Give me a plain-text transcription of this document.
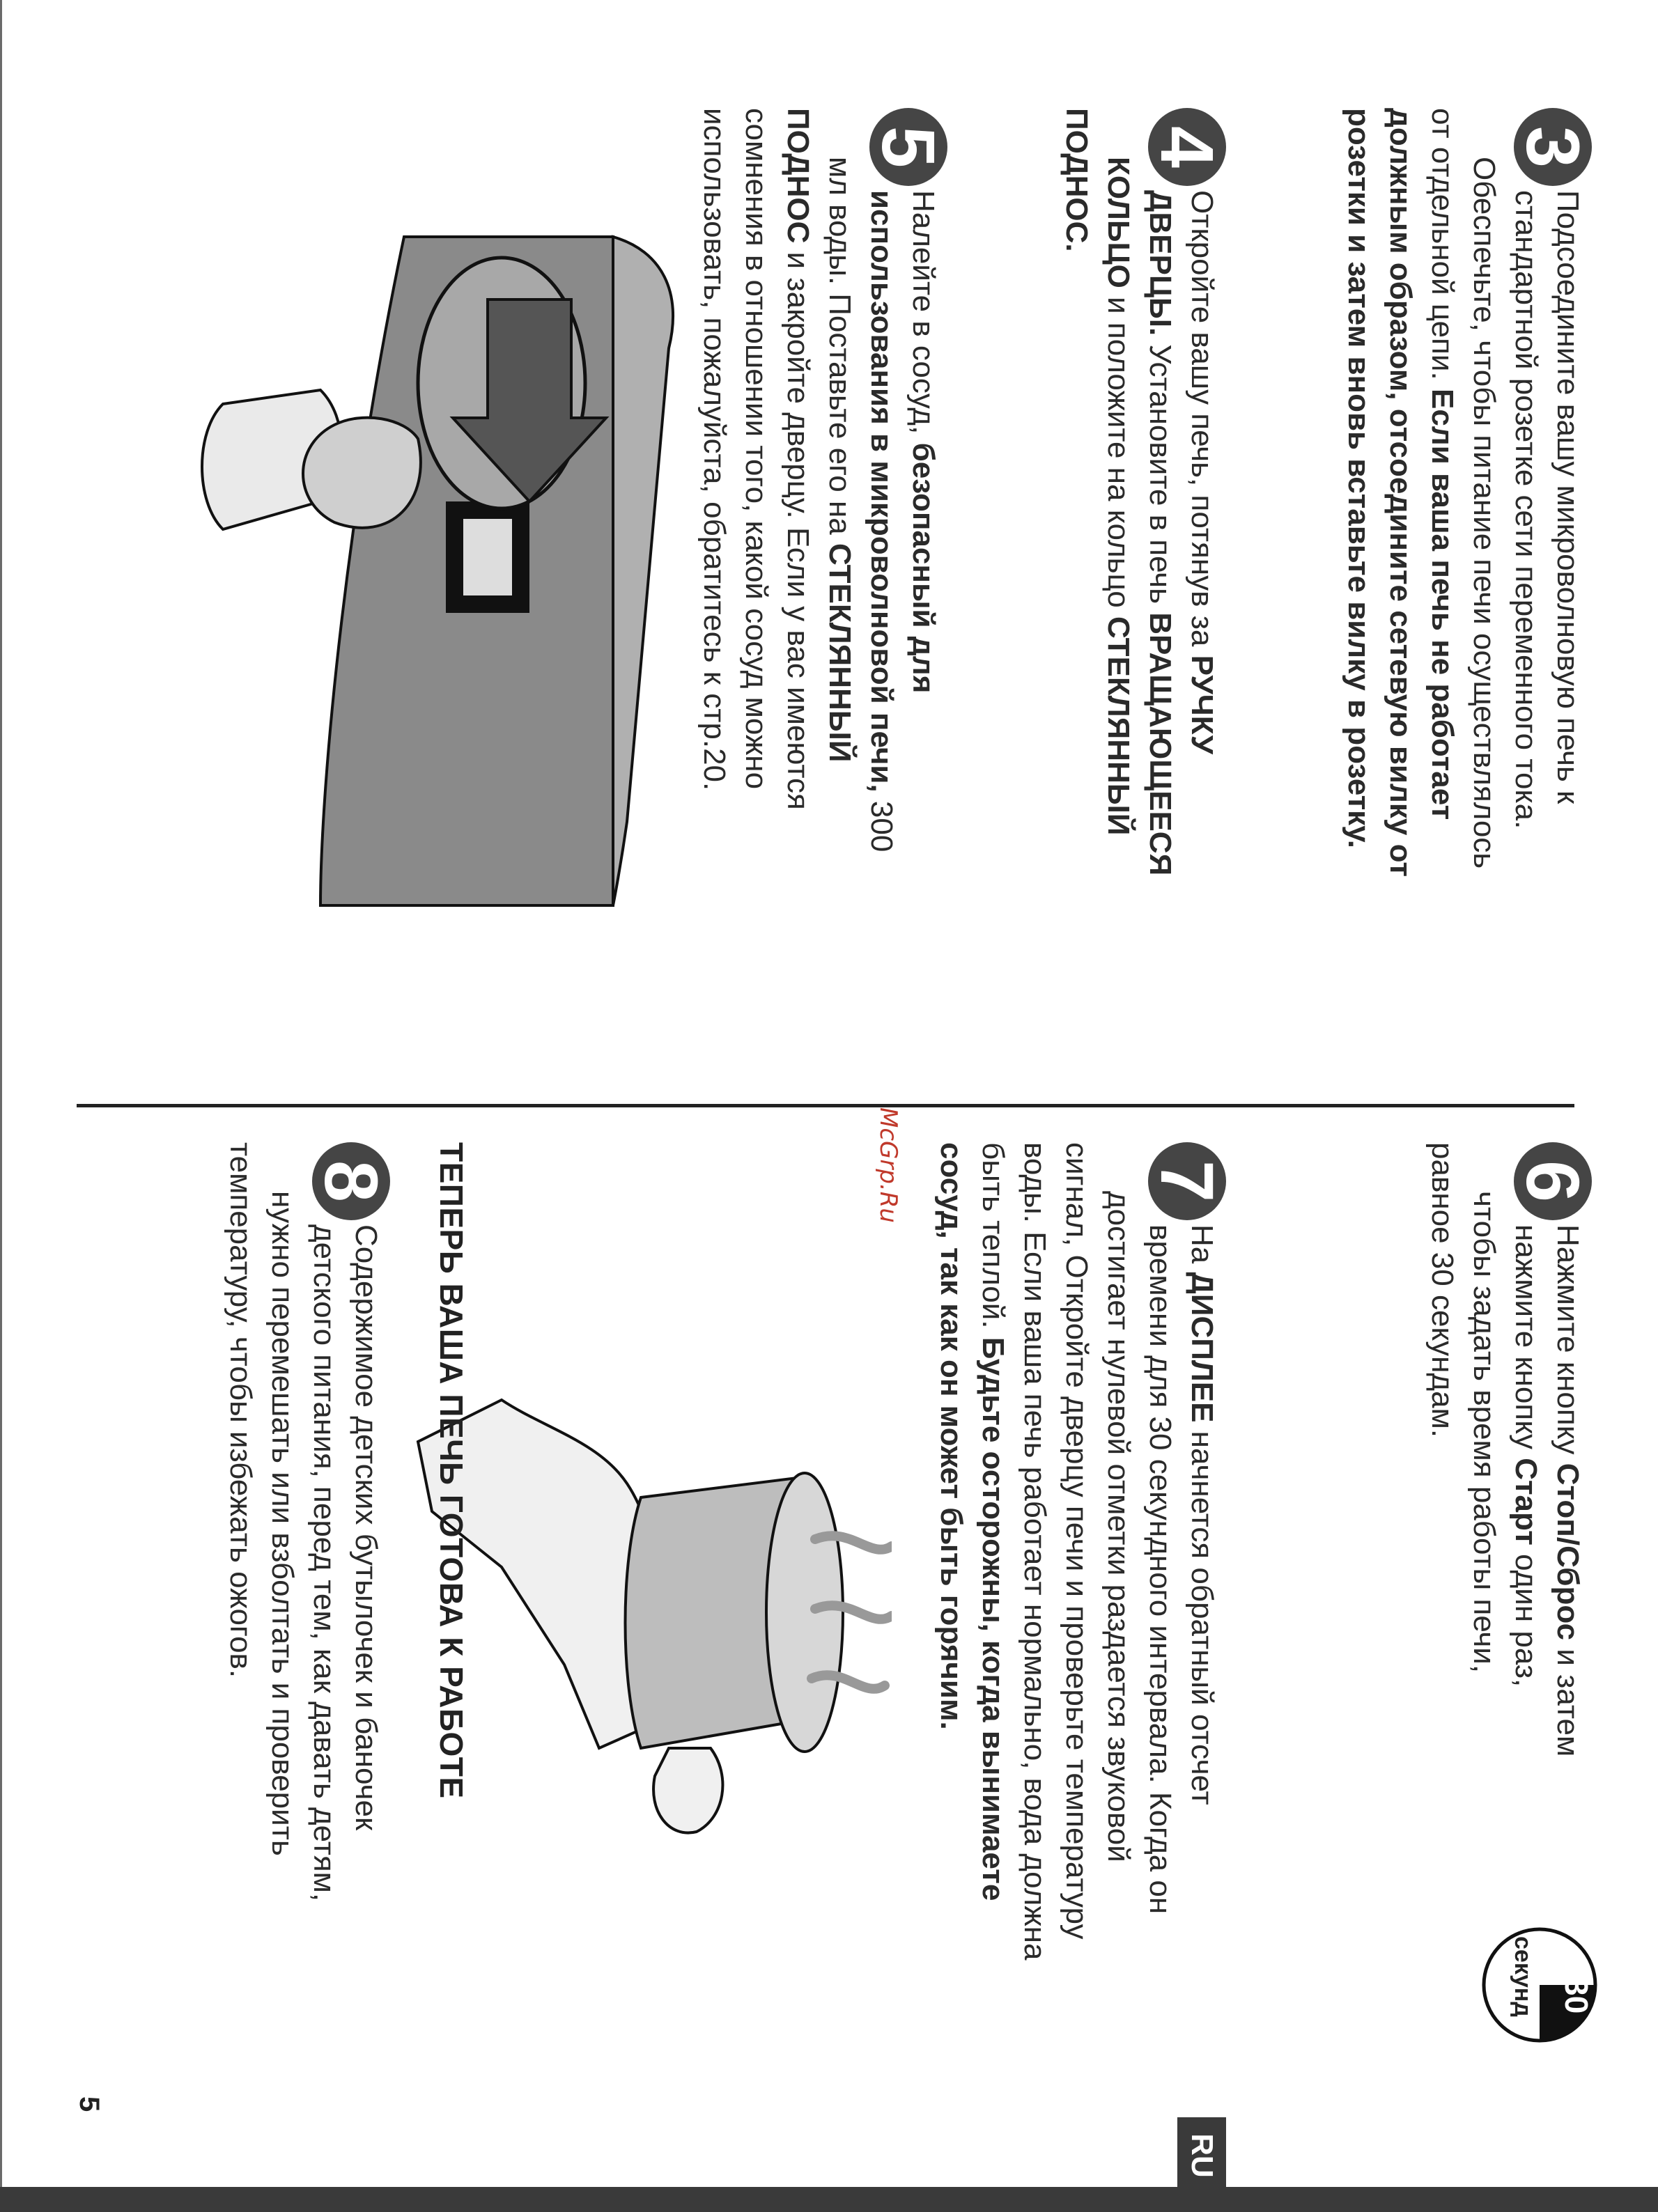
3
Подсоедините вашу микроволновую печь к
стандартной розетке сети переменного тока.
Обеспечьте, чтобы питание печи осуществлялось
от отдельной цепи. Если ваша печь не работает
должным образом, отсоедините сетевую вилку от
розетки и затем вновь вставьте вилку в розетку.
4
Откройте вашу печь, потянув за РУЧКУ
ДВЕРЦЫ. Установите в печь ВРАЩАЮЩЕЕСЯ
КОЛЬЦО и положите на кольцо СТЕКЛЯННЫЙ
ПОДНОС.
5
Налейте в сосуд, безопасный для
использования в микроволновой печи, 300
мл воды. Поставьте его на СТЕКЛЯННЫЙ
ПОДНОС и закройте дверцу. Если у вас имеются
сомнения в отношении того, какой сосуд можно
использовать, пожалуйста, обратитесь к стр.20.
McGrp.Ru	6
Нажмите кнопку Стоп/Сброс и затем
нажмите кнопку Старт один раз,
чтобы задать время работы печи,
равное 30 секундам.
30
секунд
7
На ДИСПЛЕЕ начнется обратный отсчет
времени для 30 секундного интервала. Когда он
достигает нулевой отметки раздается звуковой
сигнал, Откройте дверцу печи и проверьте температуру
воды. Если ваша печь работает нормально, вода должна
быть теплой. Будьте осторожны, когда вынимаете
сосуд, так как он может быть горячим.
ТЕПЕРЬ ВАША ПЕЧЬ ГОТОВА К РАБОТЕ
8
Содержимое детских бутылочек и баночек
детского питания, перед тем, как давать детям,
нужно перемешать или взболтать и проверить
температуру, чтобы избежать ожогов.
RU
5
